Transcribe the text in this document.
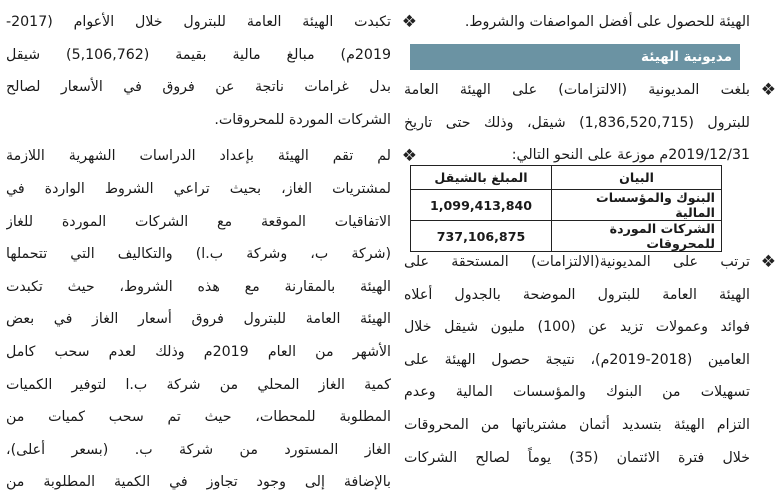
❖
تكبدت الهيئة العامة للبترول خلال الأعوام (2017-
2019م) مبالغ مالية بقيمة (5,106,762) شيقل
بدل غرامات ناتجة عن فروق في الأسعار لصالح
الشركات الموردة للمحروقات.
❖
لم تقم الهيئة بإعداد الدراسات الشهرية اللازمة
لمشتريات الغاز، بحيث تراعي الشروط الواردة في
الاتفاقيات الموقعة مع الشركات الموردة للغاز
(شركة ب، وشركة ب.ا) والتكاليف التي تتحملها
الهيئة بالمقارنة مع هذه الشروط، حيث تكبدت
الهيئة العامة للبترول فروق أسعار الغاز في بعض
الأشهر من العام 2019م وذلك لعدم سحب كامل
كمية الغاز المحلي من شركة ب.ا لتوفير الكميات
المطلوبة للمحطات، حيث تم سحب كميات من
الغاز المستورد من شركة ب. (بسعر أعلى)،
بالإضافة إلى وجود تجاوز في الكمية المطلوبة من
الهيئة للحصول على أفضل المواصفات والشروط.
مديونية الهيئة
❖
بلغت المديونية (الالتزامات) على الهيئة العامة
للبترول (1,836,520,715) شيقل، وذلك حتى تاريخ
2019/12/31م موزعة على النحو التالي:
البيان	المبلغ بالشيقل
البنوك والمؤسسات المالية	1,099,413,840
الشركات الموردة للمحروقات	737,106,875
❖
ترتب على المديونية(الالتزامات) المستحقة على
الهيئة العامة للبترول الموضحة بالجدول أعلاه
فوائد وعمولات تزيد عن (100) مليون شيقل خلال
العامين (2018-2019م)، نتيجة حصول الهيئة على
تسهيلات من البنوك والمؤسسات المالية وعدم
التزام الهيئة بتسديد أثمان مشترياتها من المحروقات
خلال فترة الائتمان (35) يوماً لصالح الشركات
